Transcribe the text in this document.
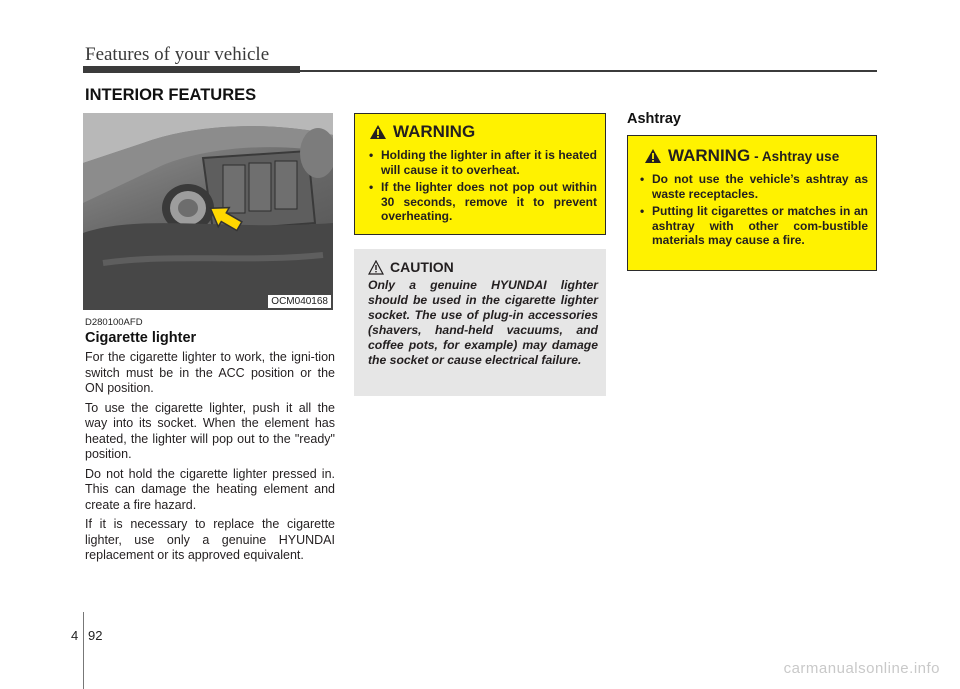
Features of your vehicle
INTERIOR FEATURES
OCM040168
D280100AFD
Cigarette lighter

For the cigarette lighter to work, the igni-tion switch must be in the ACC position or the ON position.

To use the cigarette lighter, push it all the way into its socket. When the element has heated, the lighter will pop out to the "ready" position.

Do not hold the cigarette lighter pressed in. This can damage the heating element and create a fire hazard.

If it is necessary to replace the cigarette lighter, use only a genuine HYUNDAI replacement or its approved equivalent.

WARNING
• Holding the lighter in after it is heated will cause it to overheat.
• If the lighter does not pop out within 30 seconds, remove it to prevent overheating.
CAUTION
Only a genuine HYUNDAI lighter should be used in the cigarette lighter socket. The use of plug-in accessories (shavers, hand-held vacuums, and coffee pots, for example) may damage the socket or cause electrical failure.
Ashtray
WARNING - Ashtray use
• Do not use the vehicle’s ashtray as waste receptacles.
• Putting lit cigarettes or matches in an ashtray with other com-bustible materials may cause a fire.
4 92
carmanualsonline.info
